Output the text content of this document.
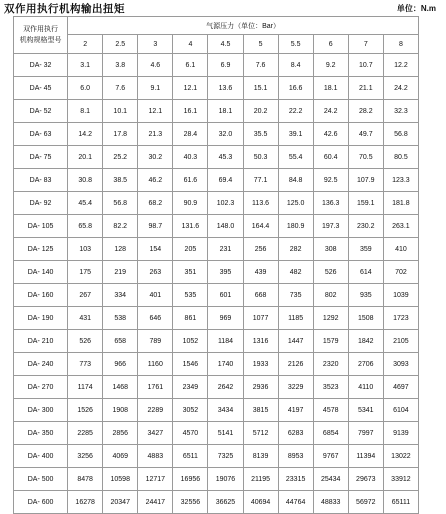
双作用执行机构输出扭矩	单位：N.m
双作用执行
机构规格型号	气源压力（单位：Bar）									
	2	2.5	3	4	4.5	5	5.5	6	7	8
DA- 32	3.1	3.8	4.6	6.1	6.9	7.6	8.4	9.2	10.7	12.2
DA- 45	6.0	7.6	9.1	12.1	13.6	15.1	16.6	18.1	21.1	24.2
DA- 52	8.1	10.1	12.1	16.1	18.1	20.2	22.2	24.2	28.2	32.3
DA- 63	14.2	17.8	21.3	28.4	32.0	35.5	39.1	42.6	49.7	56.8
DA- 75	20.1	25.2	30.2	40.3	45.3	50.3	55.4	60.4	70.5	80.5
DA- 83	30.8	38.5	46.2	61.6	69.4	77.1	84.8	92.5	107.9	123.3
DA- 92	45.4	56.8	68.2	90.9	102.3	113.6	125.0	136.3	159.1	181.8
DA- 105	65.8	82.2	98.7	131.6	148.0	164.4	180.9	197.3	230.2	263.1
DA- 125	103	128	154	205	231	256	282	308	359	410
DA- 140	175	219	263	351	395	439	482	526	614	702
DA- 160	267	334	401	535	601	668	735	802	935	1039
DA- 190	431	538	646	861	969	1077	1185	1292	1508	1723
DA- 210	526	658	789	1052	1184	1316	1447	1579	1842	2105
DA- 240	773	966	1160	1546	1740	1933	2126	2320	2706	3093
DA- 270	1174	1468	1761	2349	2642	2936	3229	3523	4110	4697
DA- 300	1526	1908	2289	3052	3434	3815	4197	4578	5341	6104
DA- 350	2285	2856	3427	4570	5141	5712	6283	6854	7997	9139
DA- 400	3256	4069	4883	6511	7325	8139	8953	9767	11394	13022
DA- 500	8478	10598	12717	16956	19076	21195	23315	25434	29673	33912
DA- 600	16278	20347	24417	32556	36625	40694	44764	48833	56972	65111
